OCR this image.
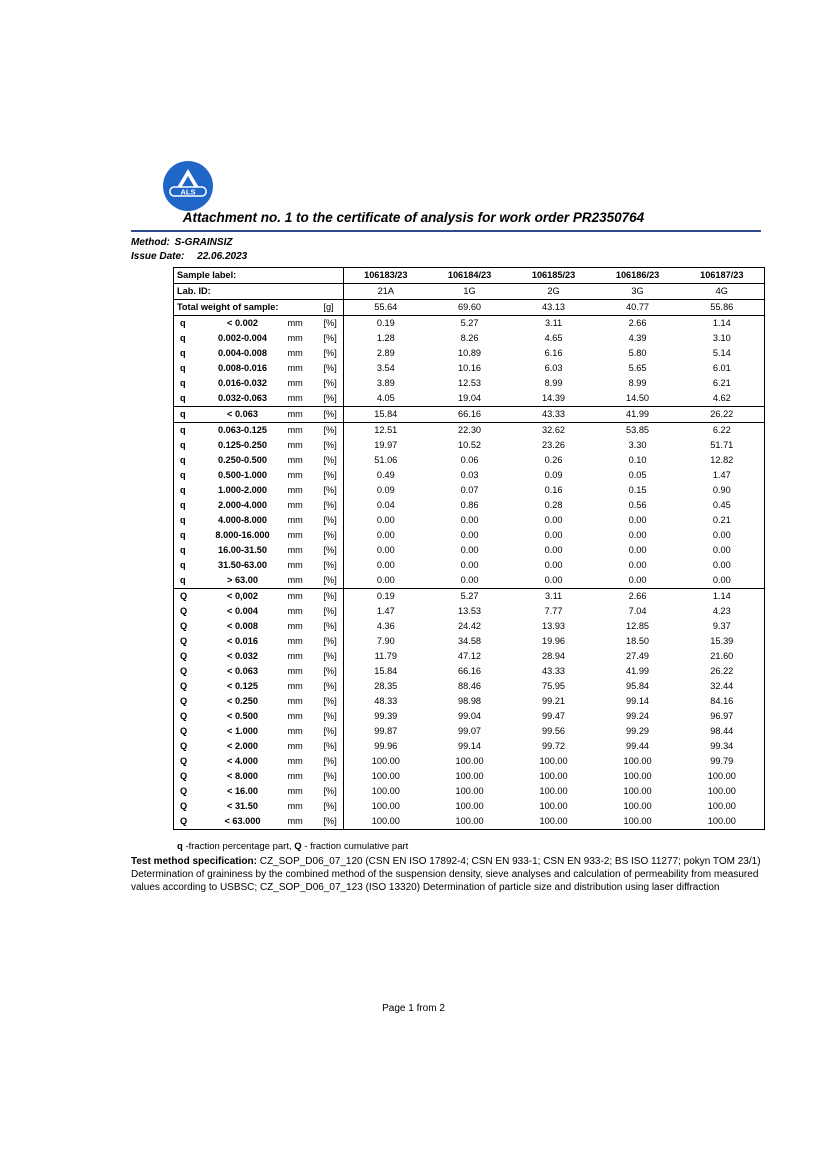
ALS
Attachment no. 1 to the certificate of analysis for work order PR2350764
Method: S-GRAINSIZ
Issue Date: 22.06.2023
Sample label:				106183/23	106184/23	106185/23	106186/23	106187/23
Lab. ID:				21A	1G	2G	3G	4G
Total weight of sample:			[g]	55.64	69.60	43.13	40.77	55.86
q	< 0.002	mm	[%]	0.19	5.27	3.11	2.66	1.14
q	0.002-0.004	mm	[%]	1.28	8.26	4.65	4.39	3.10
q	0.004-0.008	mm	[%]	2.89	10.89	6.16	5.80	5.14
q	0.008-0.016	mm	[%]	3.54	10.16	6.03	5.65	6.01
q	0.016-0.032	mm	[%]	3.89	12.53	8.99	8.99	6.21
q	0.032-0.063	mm	[%]	4.05	19.04	14.39	14.50	4.62
q	< 0.063	mm	[%]	15.84	66.16	43.33	41.99	26.22
q	0.063-0.125	mm	[%]	12.51	22.30	32.62	53.85	6.22
q	0.125-0.250	mm	[%]	19.97	10.52	23.26	3.30	51.71
q	0.250-0.500	mm	[%]	51.06	0.06	0.26	0.10	12.82
q	0.500-1.000	mm	[%]	0.49	0.03	0.09	0.05	1.47
q	1.000-2.000	mm	[%]	0.09	0.07	0.16	0.15	0.90
q	2.000-4.000	mm	[%]	0.04	0.86	0.28	0.56	0.45
q	4.000-8.000	mm	[%]	0.00	0.00	0.00	0.00	0.21
q	8.000-16.000	mm	[%]	0.00	0.00	0.00	0.00	0.00
q	16.00-31.50	mm	[%]	0.00	0.00	0.00	0.00	0.00
q	31.50-63.00	mm	[%]	0.00	0.00	0.00	0.00	0.00
q	> 63.00	mm	[%]	0.00	0.00	0.00	0.00	0.00
Q	< 0,002	mm	[%]	0.19	5.27	3.11	2.66	1.14
Q	< 0.004	mm	[%]	1.47	13.53	7.77	7.04	4.23
Q	< 0.008	mm	[%]	4.36	24.42	13.93	12.85	9.37
Q	< 0.016	mm	[%]	7.90	34.58	19.96	18.50	15.39
Q	< 0.032	mm	[%]	11.79	47.12	28.94	27.49	21.60
Q	< 0.063	mm	[%]	15.84	66.16	43.33	41.99	26.22
Q	< 0.125	mm	[%]	28.35	88.46	75.95	95.84	32.44
Q	< 0.250	mm	[%]	48.33	98.98	99.21	99.14	84.16
Q	< 0.500	mm	[%]	99.39	99.04	99.47	99.24	96.97
Q	< 1.000	mm	[%]	99.87	99.07	99.56	99.29	98.44
Q	< 2.000	mm	[%]	99.96	99.14	99.72	99.44	99.34
Q	< 4.000	mm	[%]	100.00	100.00	100.00	100.00	99.79
Q	< 8.000	mm	[%]	100.00	100.00	100.00	100.00	100.00
Q	< 16.00	mm	[%]	100.00	100.00	100.00	100.00	100.00
Q	< 31.50	mm	[%]	100.00	100.00	100.00	100.00	100.00
Q	< 63.000	mm	[%]	100.00	100.00	100.00	100.00	100.00
q -fraction percentage part, Q - fraction cumulative part
Test method specification: CZ_SOP_D06_07_120 (CSN EN ISO 17892-4; CSN EN 933-1; CSN EN 933-2; BS ISO 11277; pokyn TOM 23/1) Determination of graininess by the combined method of the suspension density, sieve analyses and calculation of permeability from measured values according to USBSC; CZ_SOP_D06_07_123 (ISO 13320) Determination of particle size and distribution using laser diffraction
Page 1 from 2
